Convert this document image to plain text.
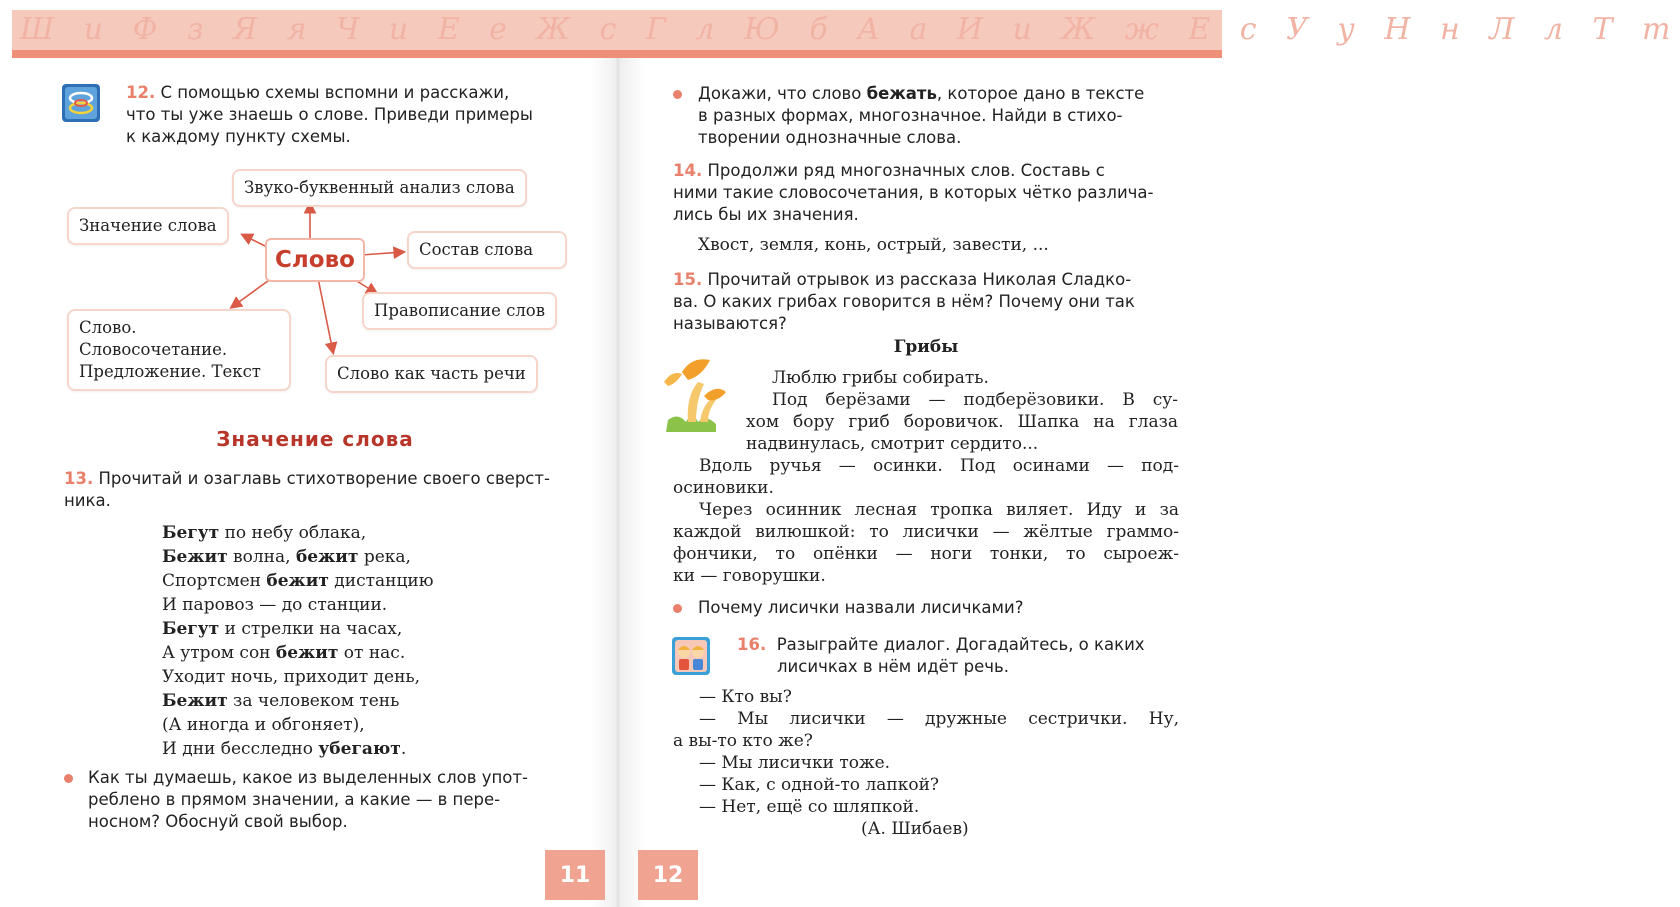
Ш и Ф з Я я Ч и Е е Ж с Г л Ю б А а И и Ж ж Е с У у Н н Л л Т т

12. С помощью схемы вспомни и расскажи,
что ты уже знаешь о слове. Приведи примеры
к каждому пункту схемы.

Звуко-буквенный анализ слова
Значение слова
Слово	Состав слова
Правописание слов
Слово.
Словосочетание.
Предложение. Текст	Слово как часть речи
Значение слова

13. Прочитай и озаглавь стихотворение своего сверст-
ника.

Бегут по небу облака,
Бежит волна, бежит река,
Спортсмен бежит дистанцию
И паровоз — до станции.
Бегут и стрелки на часах,
А утром сон бежит от нас.
Уходит ночь, приходит день,
Бежит за человеком тень
(А иногда и обгоняет),
И дни бесследно убегают.

Как ты думаешь, какое из выделенных слов упот-
реблено в прямом значении, а какие — в пере-
носном? Обоснуй свой выбор.

11

Докажи, что слово бежать, которое дано в тексте
в разных формах, многозначное. Найди в стихо-
творении однозначные слова.

14. Продолжи ряд многозначных слов. Составь с
ними такие словосочетания, в которых чётко различа-
лись бы их значения.

Хвост, земля, конь, острый, завести, ...

15. Прочитай отрывок из рассказа Николая Сладко-
ва. О каких грибах говорится в нём? Почему они так
называются?

Грибы
Люблю грибы собирать.
Под берёзами — подберёзовики. В су-
хом бору гриб боровичок. Шапка на глаза
надвинулась, смотрит сердито...
Вдоль ручья — осинки. Под осинами — под-
осиновики.
Через осинник лесная тропка виляет. Иду и за
каждой вилюшкой: то лисички — жёлтые граммо-
фончики, то опёнки — ноги тонки, то сыроеж-
ки — говорушки.

Почему лисички назвали лисичками?

16. Разыграйте диалог. Догадайтесь, о каких
лисичках в нём идёт речь.

— Кто вы?
— Мы лисички — дружные сестрички. Ну,
а вы-то кто же?
— Мы лисички тоже.
— Как, с одной-то лапкой?
— Нет, ещё со шляпкой.
(А. Шибаев)
12
